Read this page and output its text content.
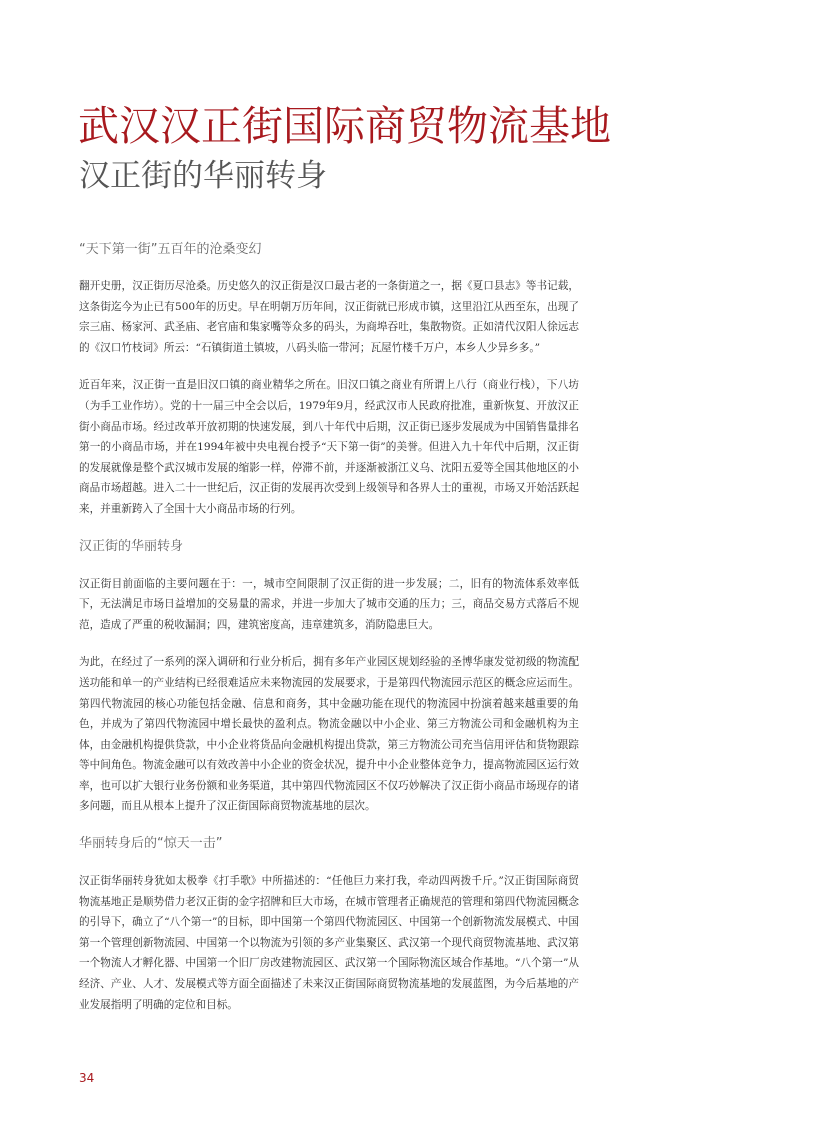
武汉汉正街国际商贸物流基地
汉正街的华丽转身

“天下第一街”五百年的沧桑变幻

翻开史册，汉正街历尽沧桑。历史悠久的汉正街是汉口最古老的一条街道之一，据《夏口县志》等书记载，这条街迄今为止已有500年的历史。早在明朝万历年间，汉正街就已形成市镇，这里沿江从西至东，出现了宗三庙、杨家河、武圣庙、老官庙和集家嘴等众多的码头，为商埠吞吐，集散物资。正如清代汉阳人徐远志的《汉口竹枝词》所云：“石镇街道土镇坡，八码头临一带河；瓦屋竹楼千万户，本乡人少异乡多。”

近百年来，汉正街一直是旧汉口镇的商业精华之所在。旧汉口镇之商业有所谓上八行（商业行栈），下八坊（为手工业作坊）。党的十一届三中全会以后，1979年9月，经武汉市人民政府批准，重新恢复、开放汉正街小商品市场。经过改革开放初期的快速发展，到八十年代中后期，汉正街已逐步发展成为中国销售量排名第一的小商品市场，并在1994年被中央电视台授予“天下第一街”的美誉。但进入九十年代中后期，汉正街的发展就像是整个武汉城市发展的缩影一样，停滞不前，并逐渐被浙江义乌、沈阳五爱等全国其他地区的小商品市场超越。进入二十一世纪后，汉正街的发展再次受到上级领导和各界人士的重视，市场又开始活跃起来，并重新跨入了全国十大小商品市场的行列。

汉正街的华丽转身

汉正街目前面临的主要问题在于：一，城市空间限制了汉正街的进一步发展；二，旧有的物流体系效率低下，无法满足市场日益增加的交易量的需求，并进一步加大了城市交通的压力；三，商品交易方式落后不规范，造成了严重的税收漏洞；四，建筑密度高，违章建筑多，消防隐患巨大。

为此，在经过了一系列的深入调研和行业分析后，拥有多年产业园区规划经验的圣博华康发觉初级的物流配送功能和单一的产业结构已经很难适应未来物流园的发展要求，于是第四代物流园示范区的概念应运而生。第四代物流园的核心功能包括金融、信息和商务，其中金融功能在现代的物流园中扮演着越来越重要的角色，并成为了第四代物流园中增长最快的盈利点。物流金融以中小企业、第三方物流公司和金融机构为主体，由金融机构提供贷款，中小企业将货品向金融机构提出贷款，第三方物流公司充当信用评估和货物跟踪等中间角色。物流金融可以有效改善中小企业的资金状况，提升中小企业整体竞争力，提高物流园区运行效率，也可以扩大银行业务份额和业务渠道，其中第四代物流园区不仅巧妙解决了汉正街小商品市场现存的诸多问题，而且从根本上提升了汉正街国际商贸物流基地的层次。

华丽转身后的“惊天一击”

汉正街华丽转身犹如太极拳《打手歌》中所描述的：“任他巨力来打我，牵动四两拨千斤。”汉正街国际商贸物流基地正是顺势借力老汉正街的金字招牌和巨大市场，在城市管理者正确规范的管理和第四代物流园概念的引导下，确立了“八个第一”的目标，即中国第一个第四代物流园区、中国第一个创新物流发展模式、中国第一个管理创新物流园、中国第一个以物流为引领的多产业集聚区、武汉第一个现代商贸物流基地、武汉第一个物流人才孵化器、中国第一个旧厂房改建物流园区、武汉第一个国际物流区域合作基地。“八个第一”从经济、产业、人才、发展模式等方面全面描述了未来汉正街国际商贸物流基地的发展蓝图，为今后基地的产业发展指明了明确的定位和目标。

34
